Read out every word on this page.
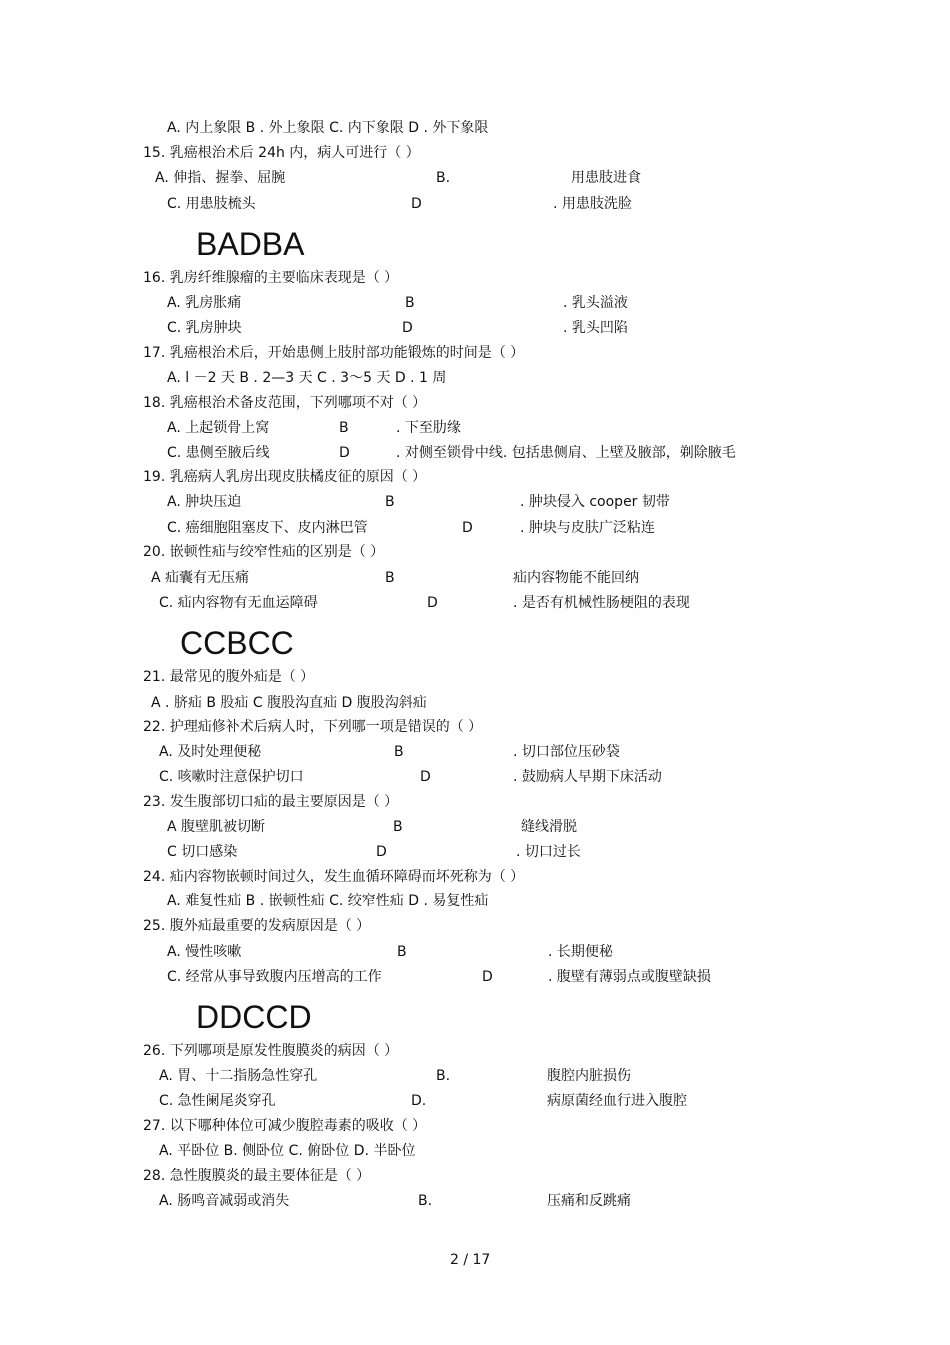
A. 内上象限 B . 外上象限 C. 内下象限 D . 外下象限
15. 乳癌根治术后 24h 内，病人可进行（ ）
A. 伸指、握拳、屈腕	B.	用患肢进食
C. 用患肢梳头	D	. 用患肢洗脸
16. 乳房纤维腺瘤的主要临床表现是（ ）
A. 乳房胀痛	B	. 乳头溢液
C. 乳房肿块	D	. 乳头凹陷
17. 乳癌根治术后，开始患侧上肢肘部功能锻炼的时间是（ ）
A. l －2 天 B . 2—3 天 C . 3～5 天 D . 1 周
18. 乳癌根治术备皮范围，下列哪项不对（ ）
A. 上起锁骨上窝	B	. 下至肋缘
C. 患侧至腋后线	D	. 对侧至锁骨中线. 包括患侧肩、上壁及腋部，剃除腋毛
19. 乳癌病人乳房出现皮肤橘皮征的原因（ ）
A. 肿块压迫	B	. 肿块侵入 cooper 韧带
C. 癌细胞阻塞皮下、皮内淋巴管	D	. 肿块与皮肤广泛粘连
20. 嵌顿性疝与绞窄性疝的区别是（ ）
A 疝囊有无压痛	B	疝内容物能不能回纳
C. 疝内容物有无血运障碍	D	. 是否有机械性肠梗阻的表现
21. 最常见的腹外疝是（ ）
A . 脐疝 B 股疝 C 腹股沟直疝 D 腹股沟斜疝
22. 护理疝修补术后病人时，下列哪一项是错误的（ ）
A. 及时处理便秘	B	. 切口部位压砂袋
C. 咳嗽时注意保护切口	D	. 鼓励病人早期下床活动
23. 发生腹部切口疝的最主要原因是（ ）
A 腹壁肌被切断	B	缝线滑脱
C 切口感染	D	. 切口过长
24. 疝内容物嵌顿时间过久，发生血循环障碍而坏死称为（ ）
A. 难复性疝 B . 嵌顿性疝 C. 绞窄性疝 D . 易复性疝
25. 腹外疝最重要的发病原因是（ ）
A. 慢性咳嗽	B	. 长期便秘
C. 经常从事导致腹内压增高的工作	D	. 腹壁有薄弱点或腹壁缺损
26. 下列哪项是原发性腹膜炎的病因（ ）
A. 胃、十二指肠急性穿孔	B.	腹腔内脏损伤
C. 急性阑尾炎穿孔	D.	病原菌经血行进入腹腔
27. 以下哪种体位可减少腹腔毒素的吸收（ ）
A. 平卧位 B. 侧卧位 C. 俯卧位 D. 半卧位
28. 急性腹膜炎的最主要体征是（ ）
A. 肠鸣音减弱或消失	B.	压痛和反跳痛
BADBA
CCBCC
DDCCD
2 / 17
